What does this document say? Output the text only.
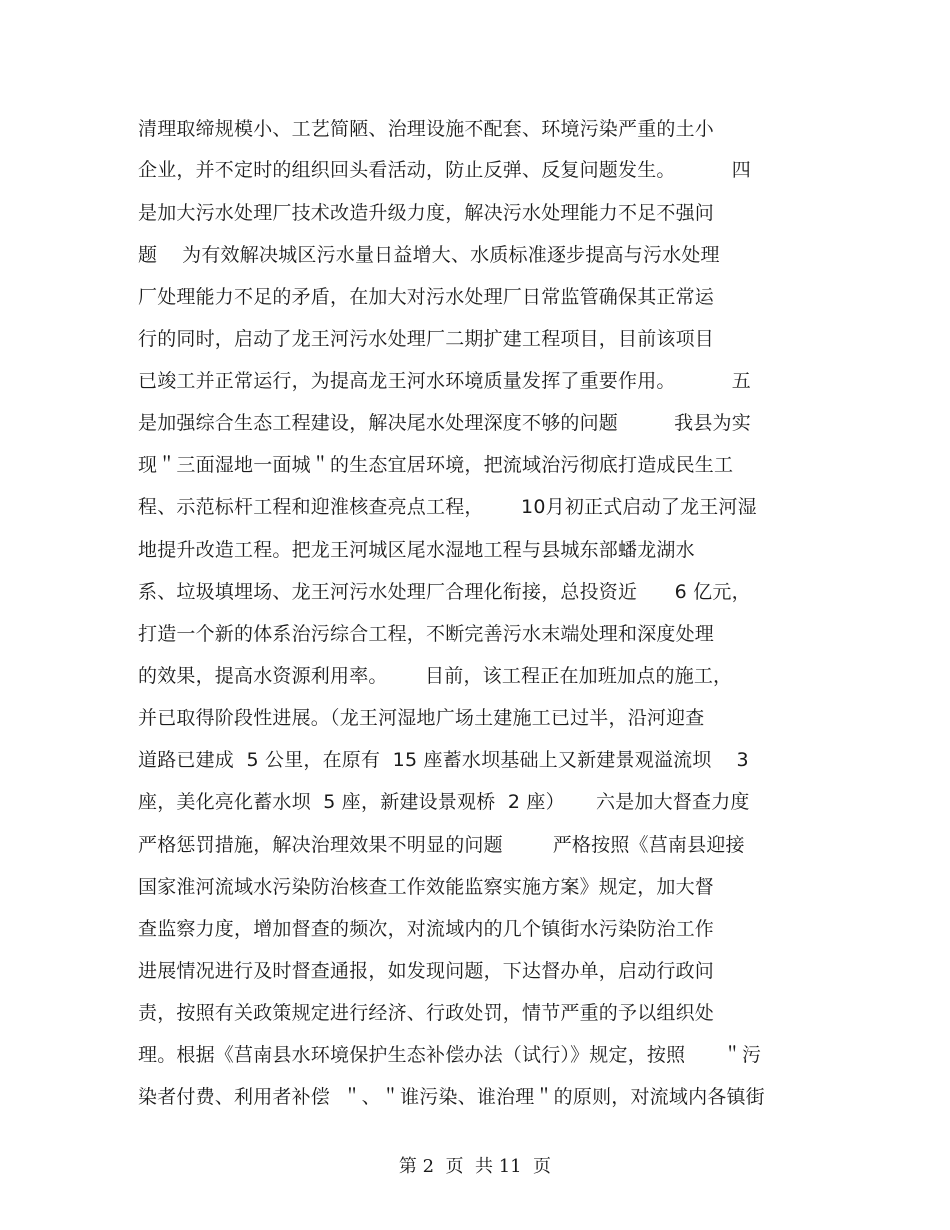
清理取缔规模小、工艺简陋、治理设施不配套、环境污染严重的土小
企业，并不定时的组织回头看活动，防止反弹、反复问题发生。         四
是加大污水处理厂技术改造升级力度，解决污水处理能力不足不强问
题    为有效解决城区污水量日益增大、水质标准逐步提高与污水处理
厂处理能力不足的矛盾，在加大对污水处理厂日常监管确保其正常运
行的同时，启动了龙王河污水处理厂二期扩建工程项目，目前该项目
已竣工并正常运行，为提高龙王河水环境质量发挥了重要作用。         五
是加强综合生态工程建设，解决尾水处理深度不够的问题         我县为实
现＂三面湿地一面城＂的生态宜居环境，把流域治污彻底打造成民生工
程、示范标杆工程和迎淮核查亮点工程，      10月初正式启动了龙王河湿
地提升改造工程。把龙王河城区尾水湿地工程与县城东部蟠龙湖水
系、垃圾填埋场、龙王河污水处理厂合理化衔接，总投资近      6 亿元，
打造一个新的体系治污综合工程，不断完善污水末端处理和深度处理
的效果，提高水资源利用率。      目前，该工程正在加班加点的施工，
并已取得阶段性进展。（龙王河湿地广场土建施工已过半，沿河迎查
道路已建成  5 公里，在原有  15 座蓄水坝基础上又新建景观溢流坝    3
座，美化亮化蓄水坝  5 座，新建设景观桥  2 座）     六是加大督查力度
严格惩罚措施，解决治理效果不明显的问题        严格按照《莒南县迎接
国家淮河流域水污染防治核查工作效能监察实施方案》规定，加大督
查监察力度，增加督查的频次，对流域内的几个镇街水污染防治工作
进展情况进行及时督查通报，如发现问题，下达督办单，启动行政问
责，按照有关政策规定进行经济、行政处罚，情节严重的予以组织处
理。根据《莒南县水环境保护生态补偿办法（试行）》规定，按照      ＂污
染者付费、利用者补偿  ＂、＂谁污染、谁治理＂的原则，对流域内各镇街
第 2  页  共 11  页
